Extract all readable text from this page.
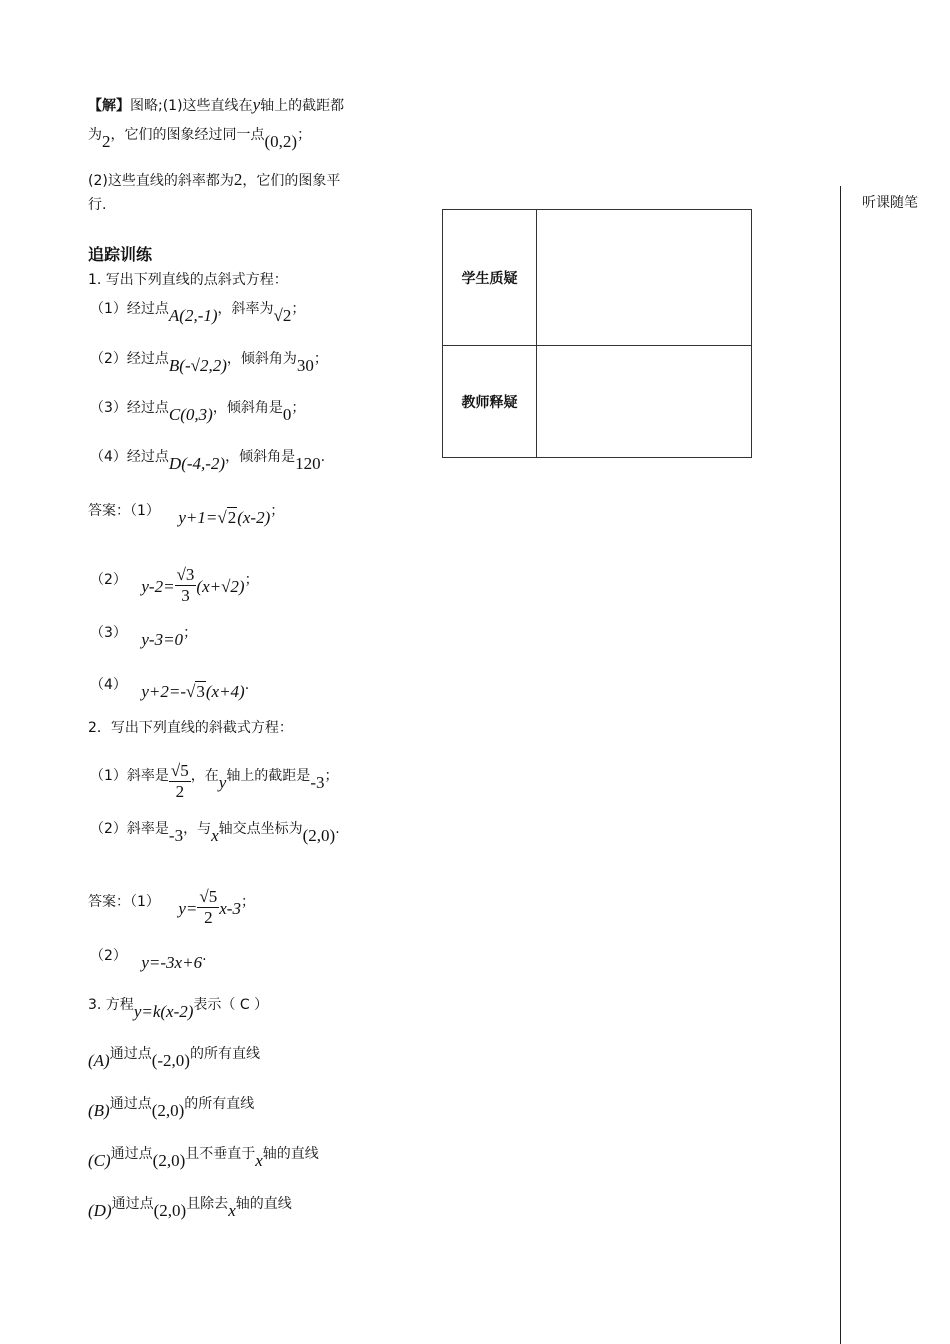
【解】图略;(1)这些直线在y轴上的截距都
为2，它们的图象经过同一点(0,2)；
(2)这些直线的斜率都为2，它们的图象平
行.
追踪训练
1. 写出下列直线的点斜式方程：
（1）经过点A(2,-1)，斜率为√2；
（2）经过点B(-√2,2)，倾斜角为30；
（3）经过点C(0,3)，倾斜角是0；
（4）经过点D(-4,-2)，倾斜角是120.
答案：（1） y+1=√2(x-2)；
（2） $y-2= \frac{√3}{3} (x+√2)$；
（3） y-3=0；
（4） y+2=-√3(x+4).
2．写出下列直线的斜截式方程：
（1）斜率是 $\frac{√5}{2}$ ，在y轴上的截距是-3；
（2）斜率是-3，与x轴交点坐标为(2,0).
答案：（1） $y= \frac{√5}{2} x-3$；
（2） y=-3x+6.
3. 方程y=k(x-2)表示（ C ）
(A)通过点(-2,0)的所有直线
(B)通过点(2,0)的所有直线
(C)通过点(2,0)且不垂直于x轴的直线
(D)通过点(2,0)且除去x轴的直线
学生质疑	
教师释疑	
听课随笔
